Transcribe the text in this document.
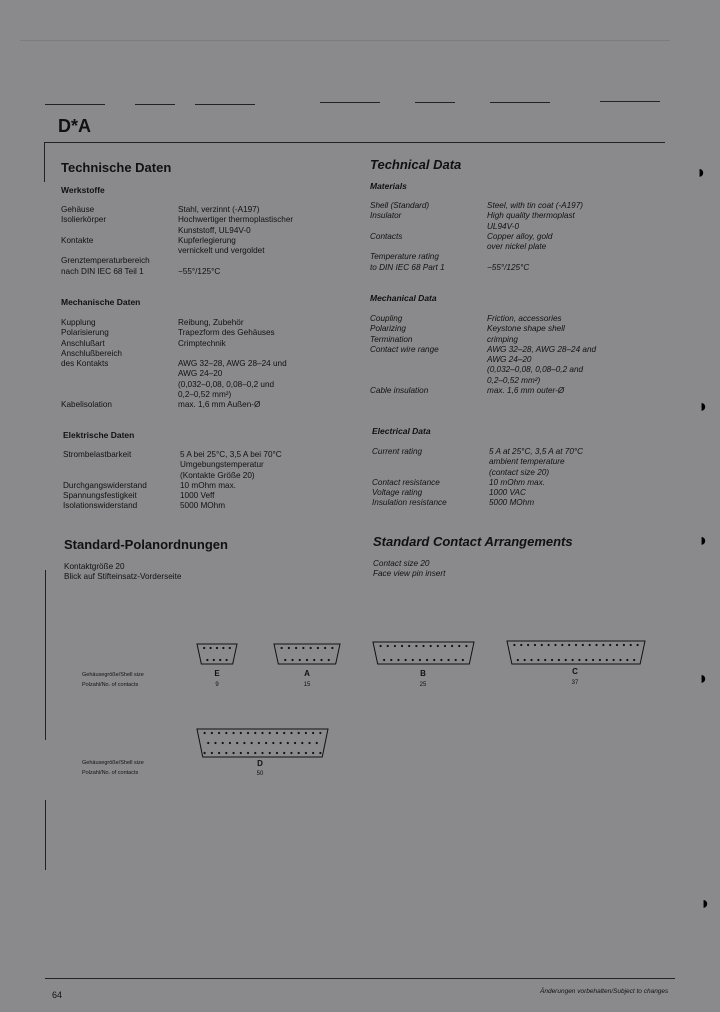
D*A
Technische Daten
Werkstoffe
Gehäuse
Isolierkörper
Kontakte
Grenztemperaturbereich
nach DIN IEC 68 Teil 1
Stahl, verzinnt (-A197)
Hochwertiger thermoplastischer
Kunststoff, UL94V-0
Kupferlegierung
vernickelt und vergoldet
−55°/125°C
Mechanische Daten
Kupplung
Polarisierung
Anschlußart
Anschlußbereich
des Kontakts
Kabelisolation
Reibung, Zubehör
Trapezform des Gehäuses
Crimptechnik
AWG 32–28, AWG 28–24 und
AWG 24–20
(0,032–0,08, 0,08–0,2 und
0,2–0,52 mm²)
max. 1,6 mm Außen-Ø
Elektrische Daten
Strombelastbarkeit
Durchgangswiderstand
Spannungsfestigkeit
Isolationswiderstand
5 A bei 25°C, 3,5 A bei 70°C
Umgebungstemperatur
(Kontakte Größe 20)
10 mOhm max.
1000 Veff
5000 MOhm
Standard-Polanordnungen
Kontaktgröße 20
Blick auf Stifteinsatz-Vorderseite
Technical Data
Materials
Shell (Standard)
Insulator
Contacts
Temperature rating
to DIN IEC 68 Part 1
Steel, with tin coat (-A197)
High quality thermoplast
UL94V-0
Copper alloy, gold
over nickel plate
−55°/125°C
Mechanical Data
Coupling
Polarizing
Termination
Contact wire range
Cable insulation
Friction, accessories
Keystone shape shell
crimping
AWG 32–28, AWG 28–24 and
AWG 24–20
(0,032–0,08, 0,08–0,2 and
0,2–0,52 mm²)
max. 1,6 mm outer-Ø
Electrical Data
Current rating
Contact resistance
Voltage rating
Insulation resistance
5 A at 25°C, 3,5 A at 70°C
ambient temperature
(contact size 20)
10 mOhm max.
1000 VAC
5000 MOhm
Standard Contact Arrangements
Contact size 20
Face view pin insert
Gehäusegröße/Shell size
Polzahl/No. of contacts
Gehäusegröße/Shell size
Polzahl/No. of contacts
E
9
A
15
B
25
C
37
D
50
◗
◗
◗
◗
◗
64	Änderungen vorbehalten/Subject to changes
